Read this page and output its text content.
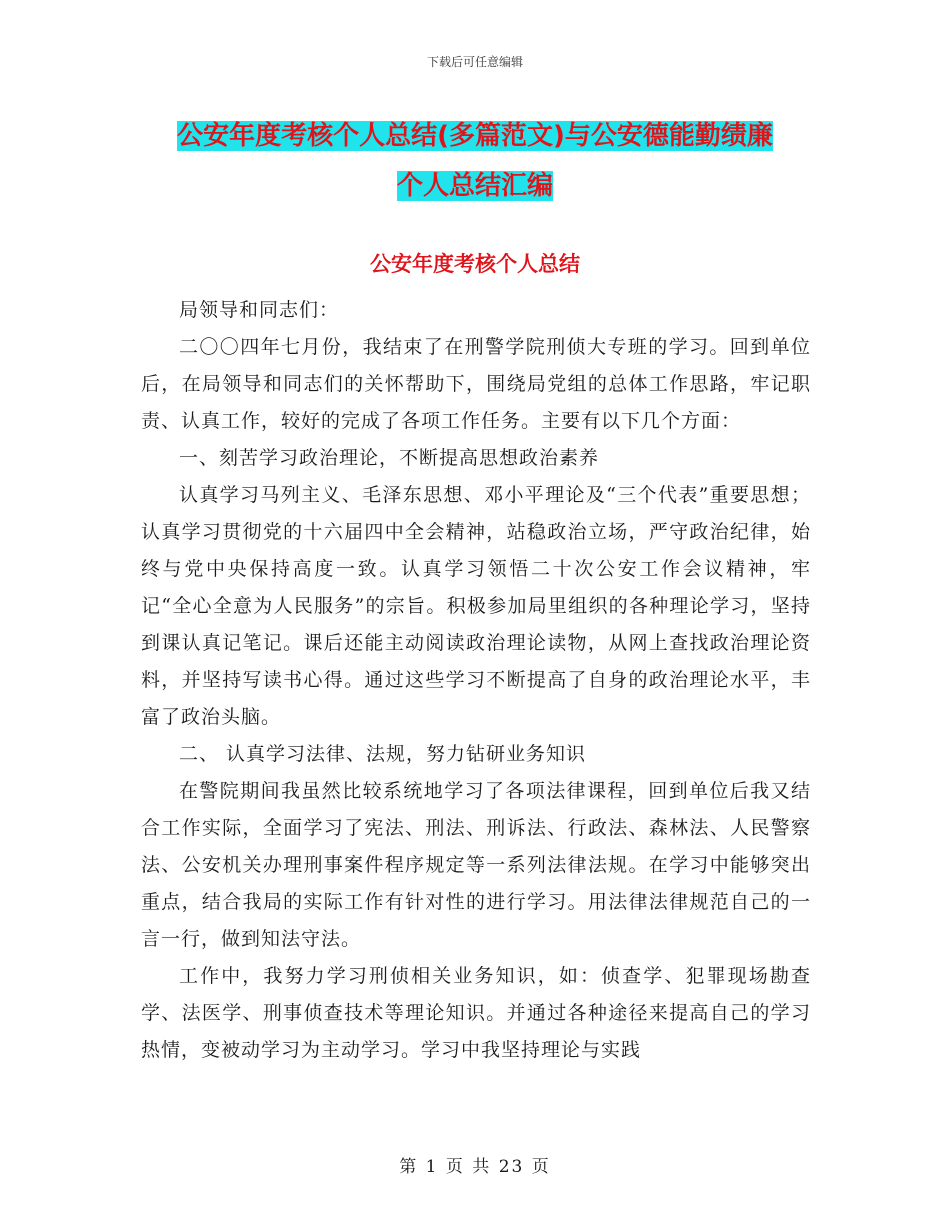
下载后可任意编辑
公安年度考核个人总结(多篇范文)与公安德能勤绩廉
个人总结汇编
公安年度考核个人总结

局领导和同志们：

二〇〇四年七月份，我结束了在刑警学院刑侦大专班的学习。回到单位后，在局领导和同志们的关怀帮助下，围绕局党组的总体工作思路，牢记职责、认真工作，较好的完成了各项工作任务。主要有以下几个方面：

一、刻苦学习政治理论，不断提高思想政治素养

认真学习马列主义、毛泽东思想、邓小平理论及“三个代表”重要思想；认真学习贯彻党的十六届四中全会精神，站稳政治立场，严守政治纪律，始终与党中央保持高度一致。认真学习领悟二十次公安工作会议精神，牢记“全心全意为人民服务”的宗旨。积极参加局里组织的各种理论学习，坚持到课认真记笔记。课后还能主动阅读政治理论读物，从网上查找政治理论资料，并坚持写读书心得。通过这些学习不断提高了自身的政治理论水平，丰富了政治头脑。

二、 认真学习法律、法规，努力钻研业务知识

在警院期间我虽然比较系统地学习了各项法律课程，回到单位后我又结合工作实际，全面学习了宪法、刑法、刑诉法、行政法、森林法、人民警察法、公安机关办理刑事案件程序规定等一系列法律法规。在学习中能够突出重点，结合我局的实际工作有针对性的进行学习。用法律法律规范自己的一言一行，做到知法守法。

工作中，我努力学习刑侦相关业务知识，如：侦查学、犯罪现场勘查学、法医学、刑事侦查技术等理论知识。并通过各种途径来提高自己的学习热情，变被动学习为主动学习。学习中我坚持理论与实践

第 1 页 共 23 页
